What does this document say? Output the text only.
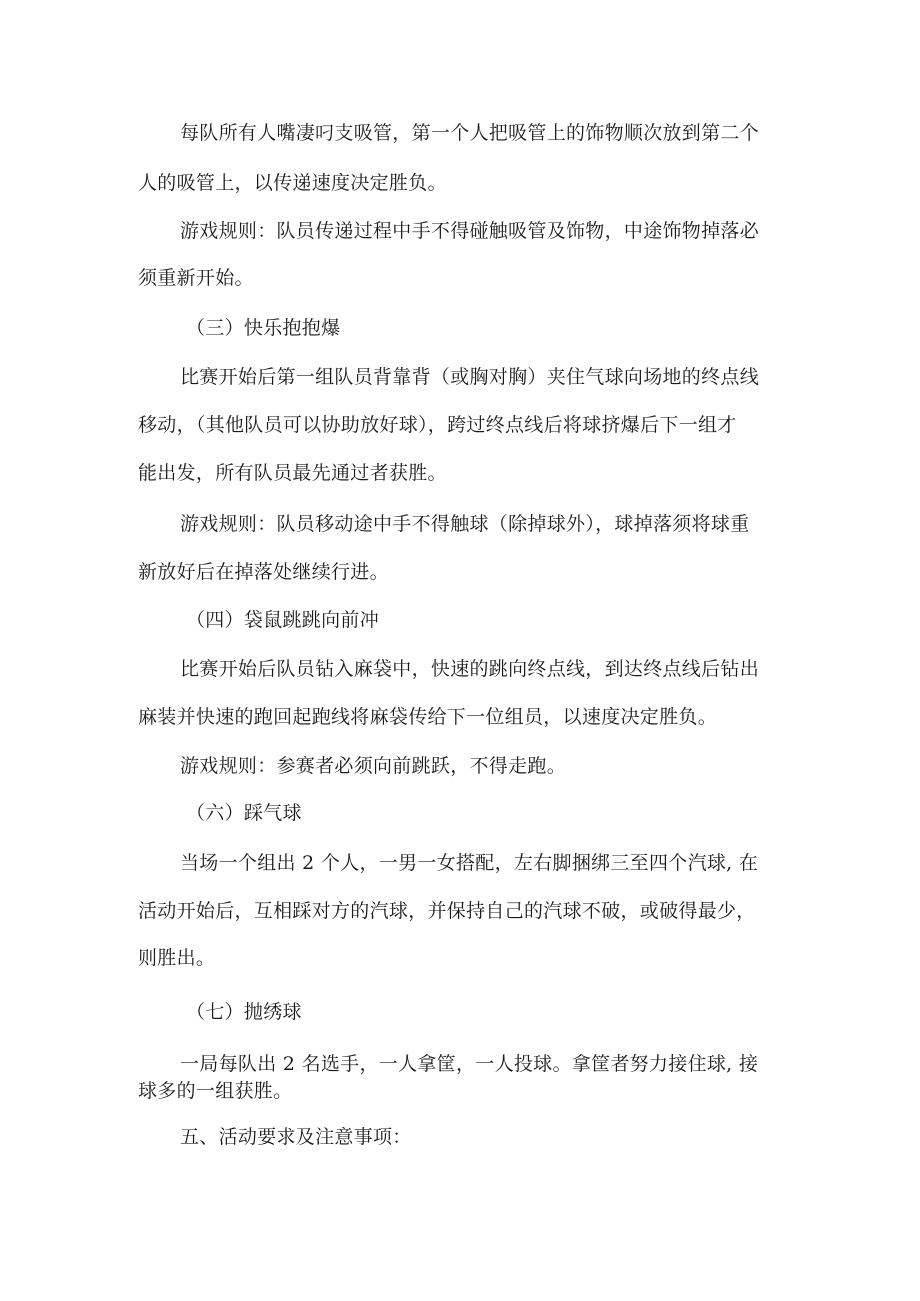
每队所有人嘴凄叼支吸管，第一个人把吸管上的饰物顺次放到第二个
人的吸管上，以传递速度决定胜负。
游戏规则：队员传递过程中手不得碰触吸管及饰物，中途饰物掉落必
须重新开始。
（三）快乐抱抱爆
比赛开始后第一组队员背靠背（或胸对胸）夹住气球向场地的终点线
移动，（其他队员可以协助放好球），跨过终点线后将球挤爆后下一组才
能出发，所有队员最先通过者获胜。
游戏规则：队员移动途中手不得触球（除掉球外），球掉落须将球重
新放好后在掉落处继续行进。
（四）袋鼠跳跳向前冲
比赛开始后队员钻入麻袋中，快速的跳向终点线，到达终点线后钻出
麻装并快速的跑回起跑线将麻袋传给下一位组员，以速度决定胜负。
游戏规则：参赛者必须向前跳跃，不得走跑。
（六）踩气球
当场一个组出 2 个人，一男一女搭配，左右脚捆绑三至四个汽球, 在
活动开始后，互相踩对方的汽球，并保持自己的汽球不破，或破得最少，
则胜出。
（七）抛绣球
一局每队出 2 名选手，一人拿筐，一人投球。拿筐者努力接住球, 接
球多的一组获胜。
五、活动要求及注意事项：
